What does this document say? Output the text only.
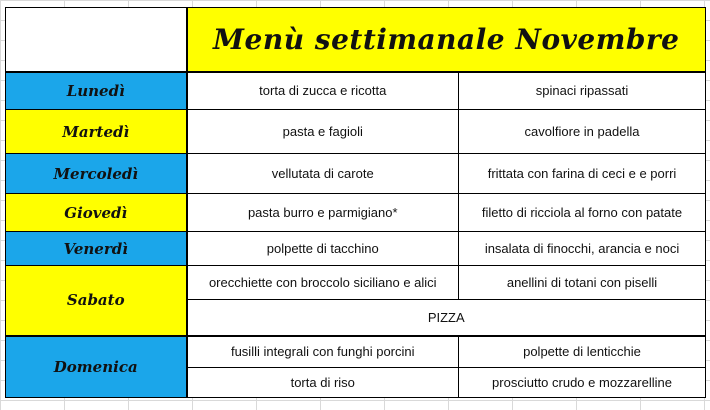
	Menù settimanale Novembre	
Lunedì	torta di zucca e ricotta	spinaci ripassati
Martedì	pasta e fagioli	cavolfiore in padella
Mercoledì	vellutata di carote	frittata con farina di ceci e e porri
Giovedì	pasta burro e parmigiano*	filetto di ricciola al forno con patate
Venerdì	polpette di tacchino	insalata di finocchi, arancia e noci
Sabato	orecchiette con broccolo siciliano e alici	anellini di totani con piselli
	PIZZA	
Domenica	fusilli integrali con funghi porcini	polpette di lenticchie
	torta di riso	prosciutto crudo e mozzarelline
